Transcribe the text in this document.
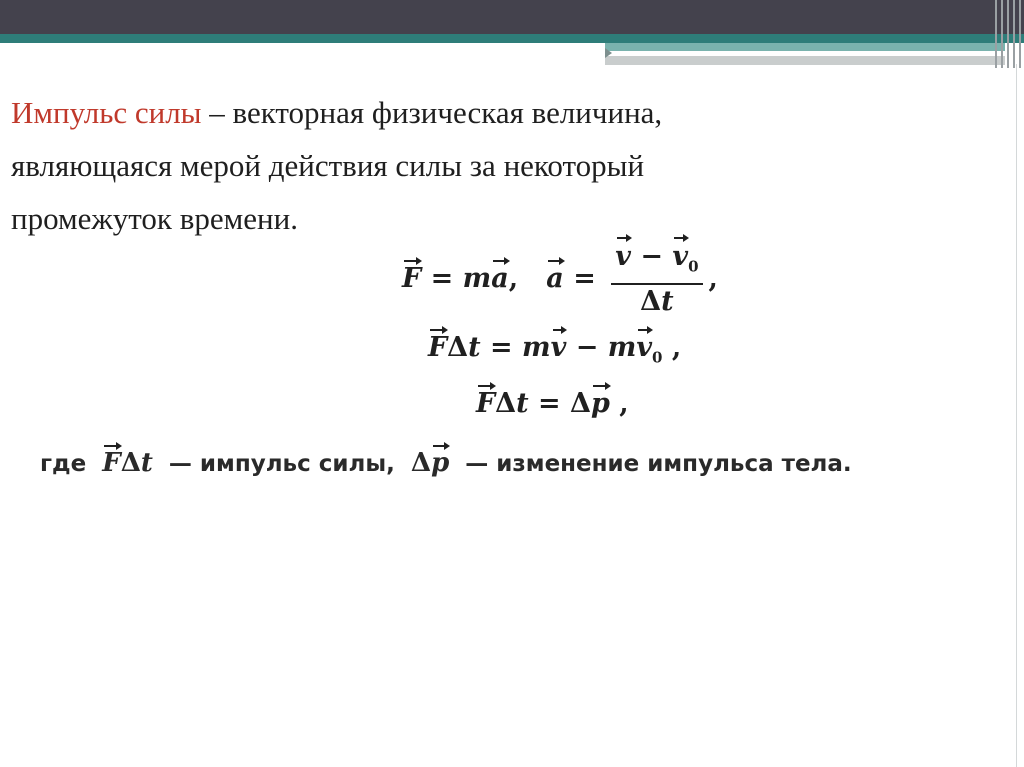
Импульс силы – векторная физическая величина,
являющаяся мерой действия силы за некоторый
промежуток времени.
F = ma,   $a = \frac{v - v_0}{\Delta t}$ ,
FΔt = mv − $mv_0$ ,
FΔt = Δp ,
где FΔt — импульс силы, Δp — изменение импульса тела.
